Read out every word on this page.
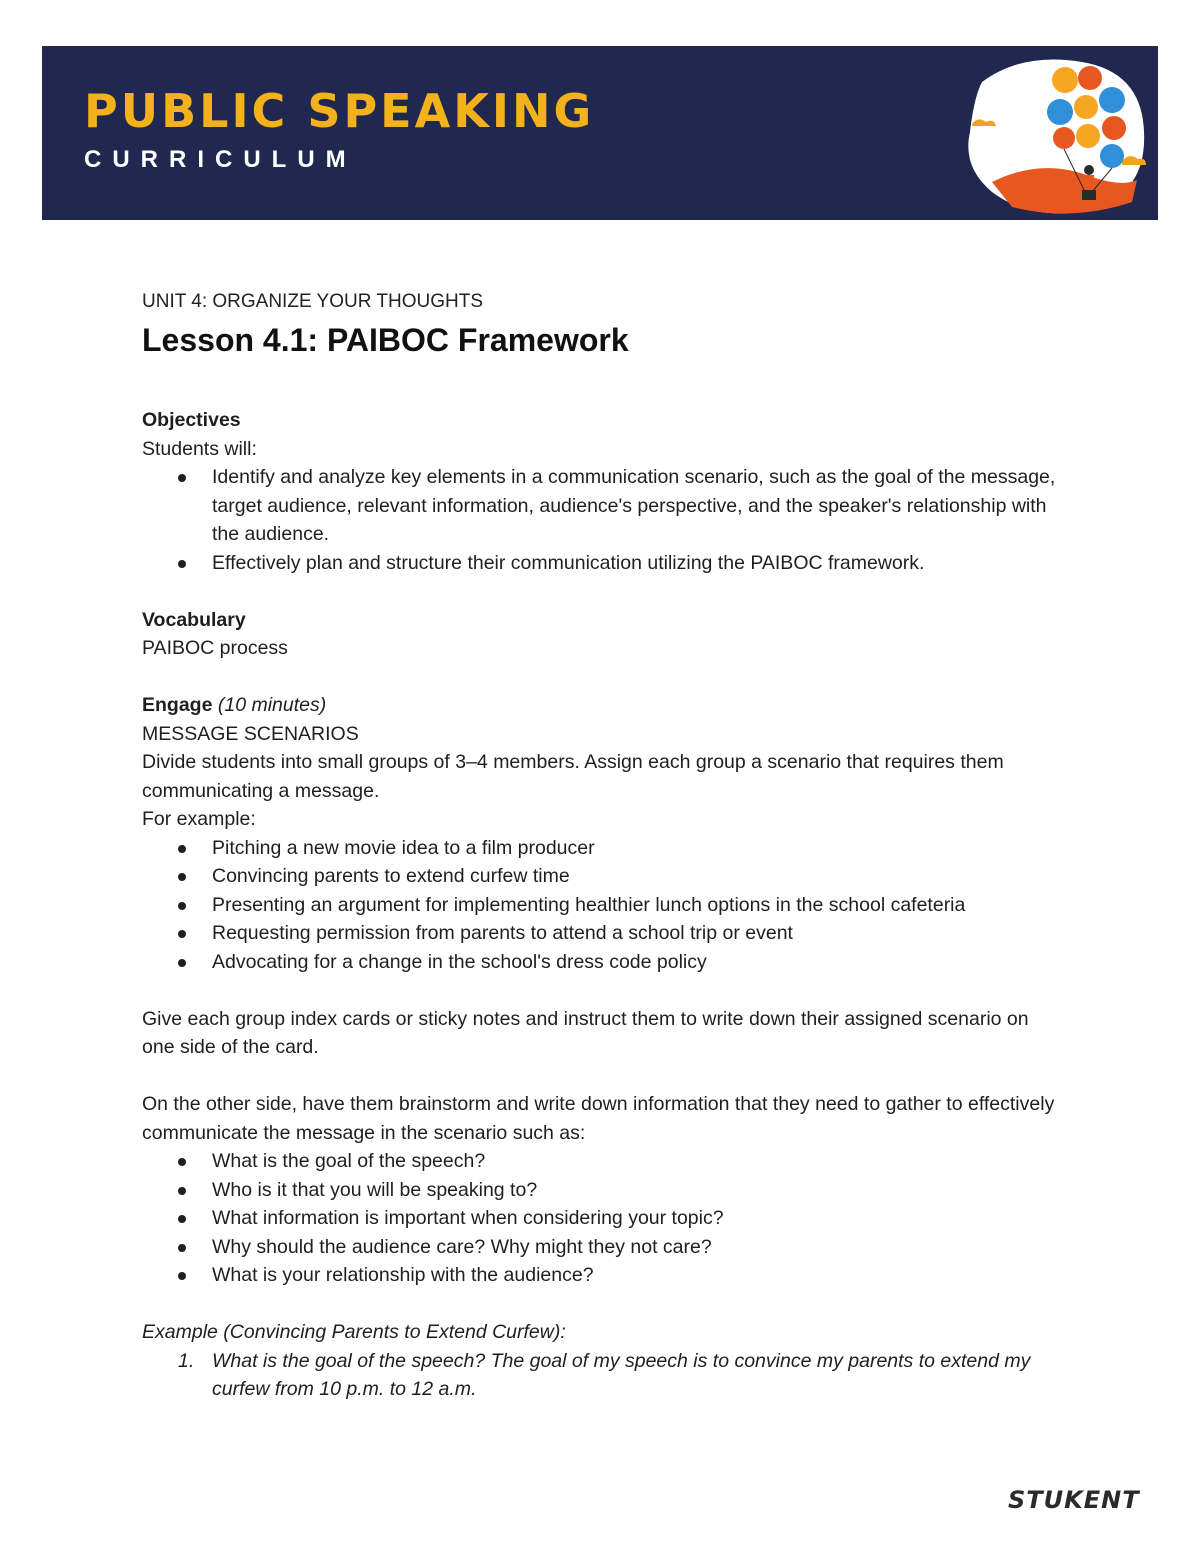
PUBLIC SPEAKING
CURRICULUM

UNIT 4: ORGANIZE YOUR THOUGHTS

Lesson 4.1: PAIBOC Framework

Objectives

Students will:

Identify and analyze key elements in a communication scenario, such as the goal of the message, target audience, relevant information, audience's perspective, and the speaker's relationship with the audience.
Effectively plan and structure their communication utilizing the PAIBOC framework.

Vocabulary

PAIBOC process

Engage (10 minutes)

MESSAGE SCENARIOS

Divide students into small groups of 3–4 members. Assign each group a scenario that requires them communicating a message.

For example:

Pitching a new movie idea to a film producer
Convincing parents to extend curfew time
Presenting an argument for implementing healthier lunch options in the school cafeteria
Requesting permission from parents to attend a school trip or event
Advocating for a change in the school's dress code policy

Give each group index cards or sticky notes and instruct them to write down their assigned scenario on one side of the card.

On the other side, have them brainstorm and write down information that they need to gather to effectively communicate the message in the scenario such as:

What is the goal of the speech?
Who is it that you will be speaking to?
What information is important when considering your topic?
Why should the audience care? Why might they not care?
What is your relationship with the audience?

Example (Convincing Parents to Extend Curfew):

1. What is the goal of the speech? The goal of my speech is to convince my parents to extend my curfew from 10 p.m. to 12 a.m.
STUKENT
